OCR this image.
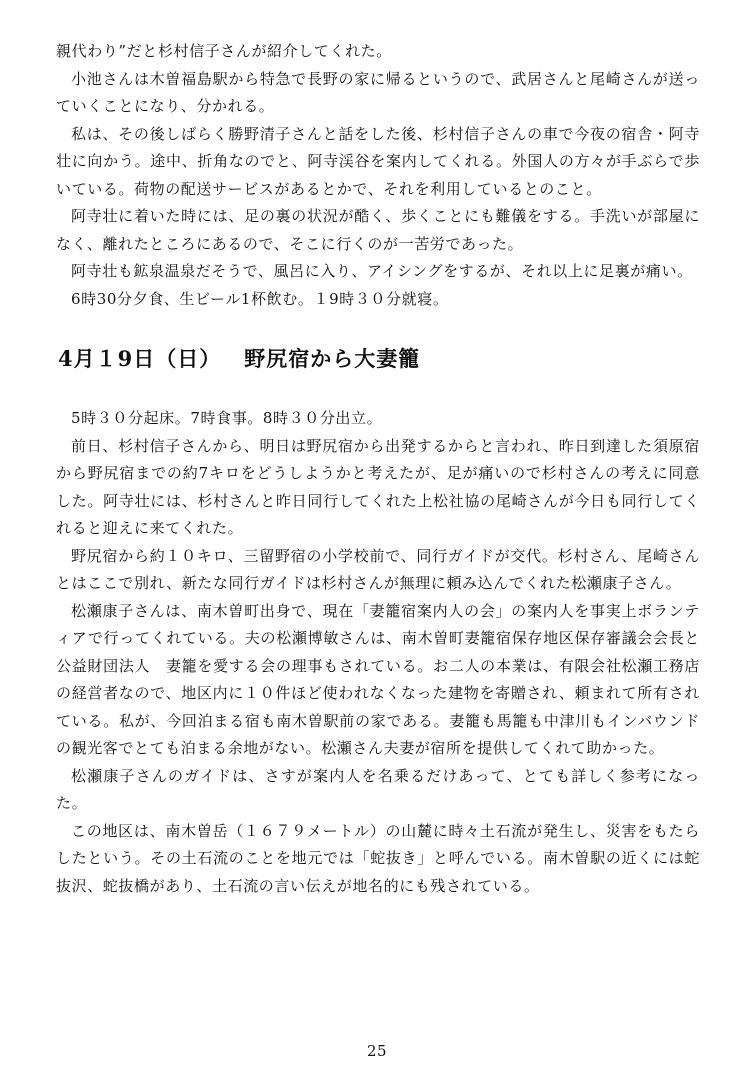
親代わり”だと杉村信子さんが紹介してくれた。

小池さんは木曽福島駅から特急で長野の家に帰るというので、武居さんと尾崎さんが送っていくことになり、分かれる。

私は、その後しばらく勝野清子さんと話をした後、杉村信子さんの車で今夜の宿舎・阿寺壮に向かう。途中、折角なのでと、阿寺渓谷を案内してくれる。外国人の方々が手ぶらで歩いている。荷物の配送サービスがあるとかで、それを利用しているとのこと。

阿寺壮に着いた時には、足の裏の状況が酷く、歩くことにも難儀をする。手洗いが部屋になく、離れたところにあるので、そこに行くのが一苦労であった。

阿寺壮も鉱泉温泉だそうで、風呂に入り、アイシングをするが、それ以上に足裏が痛い。

6時30分夕食、生ビール1杯飲む。１9時３０分就寝。

4月１9日（日）　  野尻宿から大妻籠

5時３０分起床。7時食事。8時３０分出立。

前日、杉村信子さんから、明日は野尻宿から出発するからと言われ、昨日到達した須原宿から野尻宿までの約7キロをどうしようかと考えたが、足が痛いので杉村さんの考えに同意した。阿寺壮には、杉村さんと昨日同行してくれた上松社協の尾崎さんが今日も同行してくれると迎えに来てくれた。

野尻宿から約１０キロ、三留野宿の小学校前で、同行ガイドが交代。杉村さん、尾崎さんとはここで別れ、新たな同行ガイドは杉村さんが無理に頼み込んでくれた松瀬康子さん。

松瀬康子さんは、南木曽町出身で、現在「妻籠宿案内人の会」の案内人を事実上ボランティアで行ってくれている。夫の松瀬博敏さんは、南木曽町妻籠宿保存地区保存審議会会長と公益財団法人　妻籠を愛する会の理事もされている。お二人の本業は、有限会社松瀬工務店の経営者なので、地区内に１０件ほど使われなくなった建物を寄贈され、頼まれて所有されている。私が、今回泊まる宿も南木曽駅前の家である。妻籠も馬籠も中津川もインバウンドの観光客でとても泊まる余地がない。松瀬さん夫妻が宿所を提供してくれて助かった。

松瀬康子さんのガイドは、さすが案内人を名乗るだけあって、とても詳しく参考になった。

この地区は、南木曽岳（１６７９メートル）の山麓に時々土石流が発生し、災害をもたらしたという。その土石流のことを地元では「蛇抜き」と呼んでいる。南木曽駅の近くには蛇抜沢、蛇抜橋があり、土石流の言い伝えが地名的にも残されている。

25
